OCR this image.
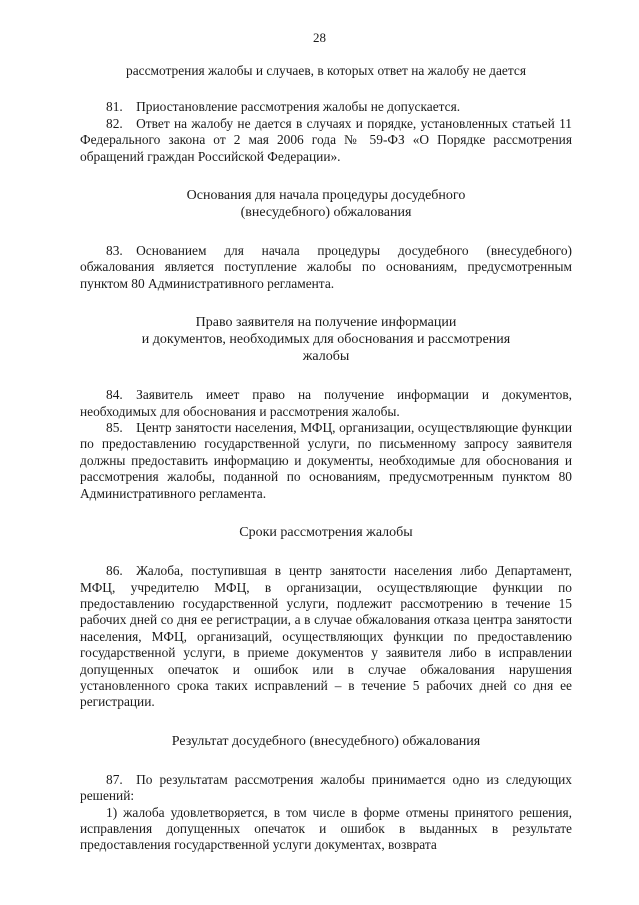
28

рассмотрения жалобы и случаев, в которых ответ на жалобу не дается

81. Приостановление рассмотрения жалобы не допускается.

82. Ответ на жалобу не дается в случаях и порядке, установленных статьей 11 Федерального закона от 2 мая 2006 года № 59-ФЗ «О Порядке рассмотрения обращений граждан Российской Федерации».

Основания для начала процедуры досудебного
(внесудебного) обжалования

83. Основанием для начала процедуры досудебного (внесудебного) обжалования является поступление жалобы по основаниям, предусмотренным пунктом 80 Административного регламента.

Право заявителя на получение информации
и документов, необходимых для обоснования и рассмотрения
жалобы

84. Заявитель имеет право на получение информации и документов, необходимых для обоснования и рассмотрения жалобы.

85. Центр занятости населения, МФЦ, организации, осуществляющие функции по предоставлению государственной услуги, по письменному запросу заявителя должны предоставить информацию и документы, необходимые для обоснования и рассмотрения жалобы, поданной по основаниям, предусмотренным пунктом 80 Административного регламента.

Сроки рассмотрения жалобы

86. Жалоба, поступившая в центр занятости населения либо Департамент, МФЦ, учредителю МФЦ, в организации, осуществляющие функции по предоставлению государственной услуги, подлежит рассмотрению в течение 15 рабочих дней со дня ее регистрации, а в случае обжалования отказа центра занятости населения, МФЦ, организаций, осуществляющих функции по предоставлению государственной услуги, в приеме документов у заявителя либо в исправлении допущенных опечаток и ошибок или в случае обжалования нарушения установленного срока таких исправлений – в течение 5 рабочих дней со дня ее регистрации.

Результат досудебного (внесудебного) обжалования

87. По результатам рассмотрения жалобы принимается одно из следующих решений:

1) жалоба удовлетворяется, в том числе в форме отмены принятого решения, исправления допущенных опечаток и ошибок в выданных в результате предоставления государственной услуги документах, возврата
